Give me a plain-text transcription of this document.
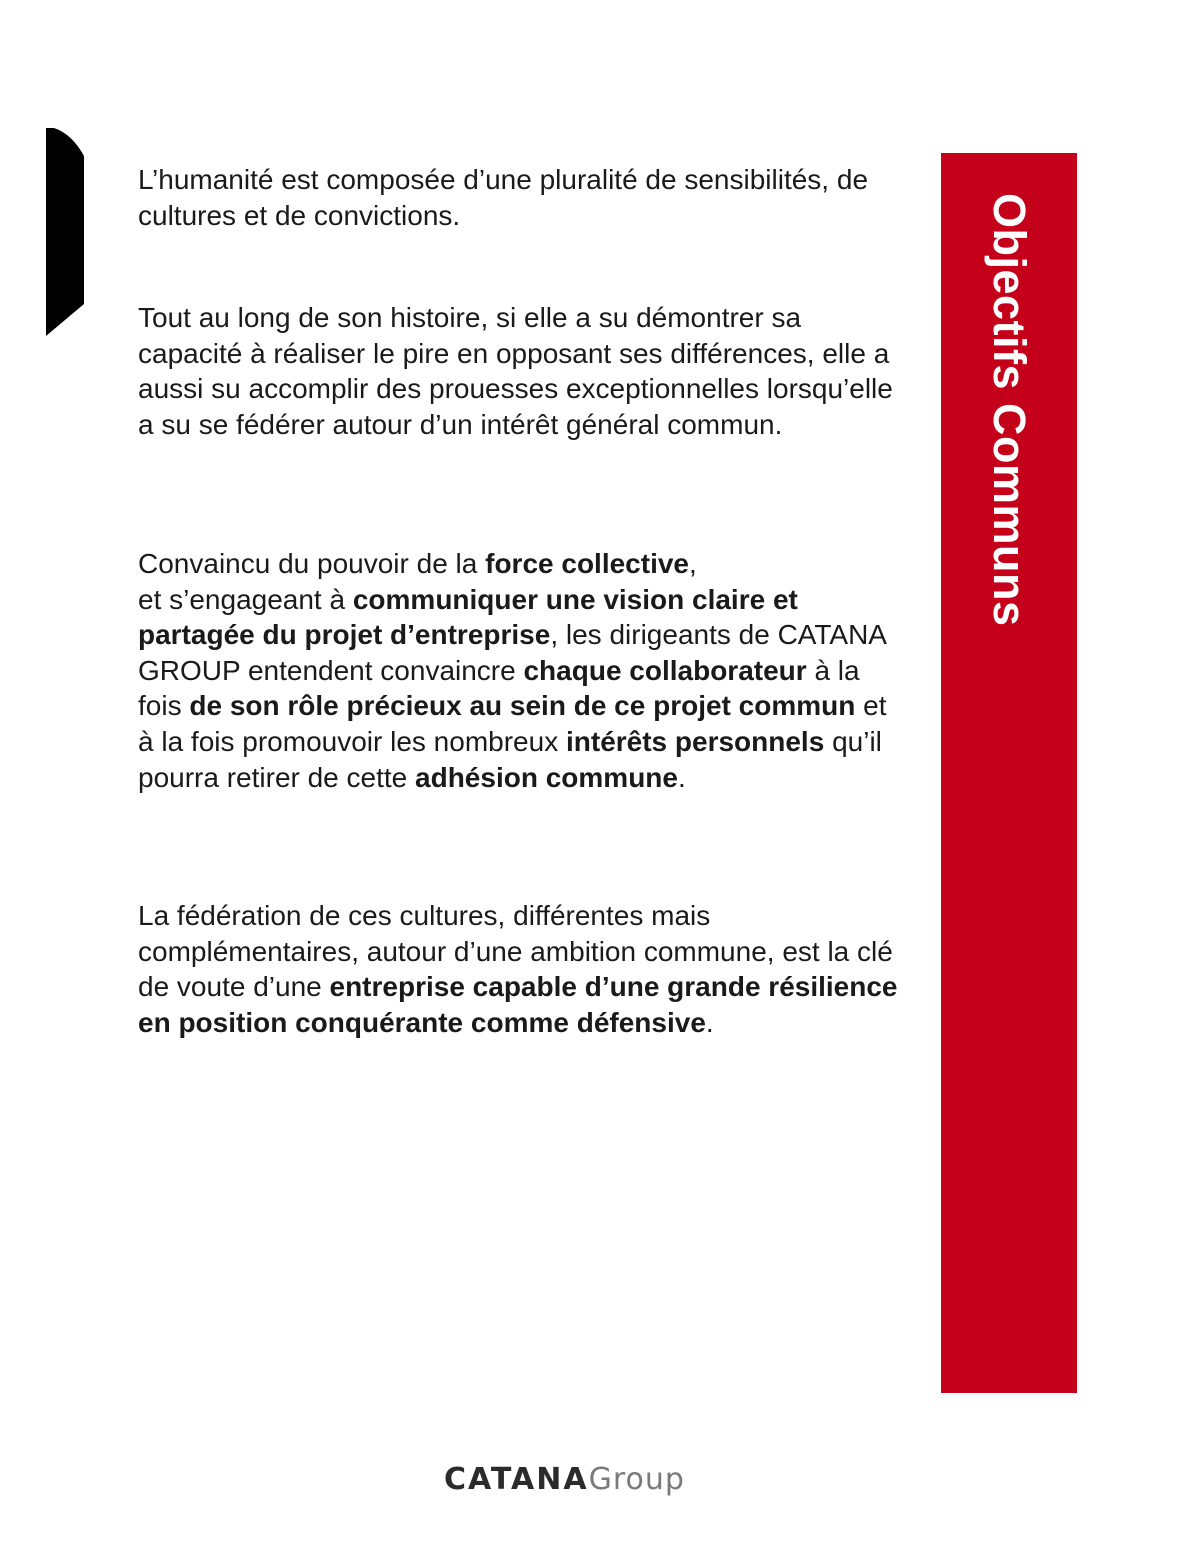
L’humanité est composée d’une pluralité de sensibilités, de cultures et de convictions.

Tout au long de son histoire, si elle a su démontrer sa capacité à réaliser le pire en opposant ses différences, elle a aussi su accomplir des prouesses exceptionnelles lorsqu’elle a su se fédérer autour d’un intérêt général commun.

Convaincu du pouvoir de la force collective,
et s’engageant à communiquer une vision claire et partagée du projet d’entreprise, les dirigeants de CATANA GROUP entendent convaincre chaque collaborateur à la fois de son rôle précieux au sein de ce projet commun et à la fois promouvoir les nombreux intérêts personnels qu’il pourra retirer de cette adhésion commune.

La fédération de ces cultures, différentes mais complémentaires, autour d’une ambition commune, est la clé de voute d’une entreprise capable d’une grande résilience en position conquérante comme défensive.

Objectifs Communs
CATANAGroup
